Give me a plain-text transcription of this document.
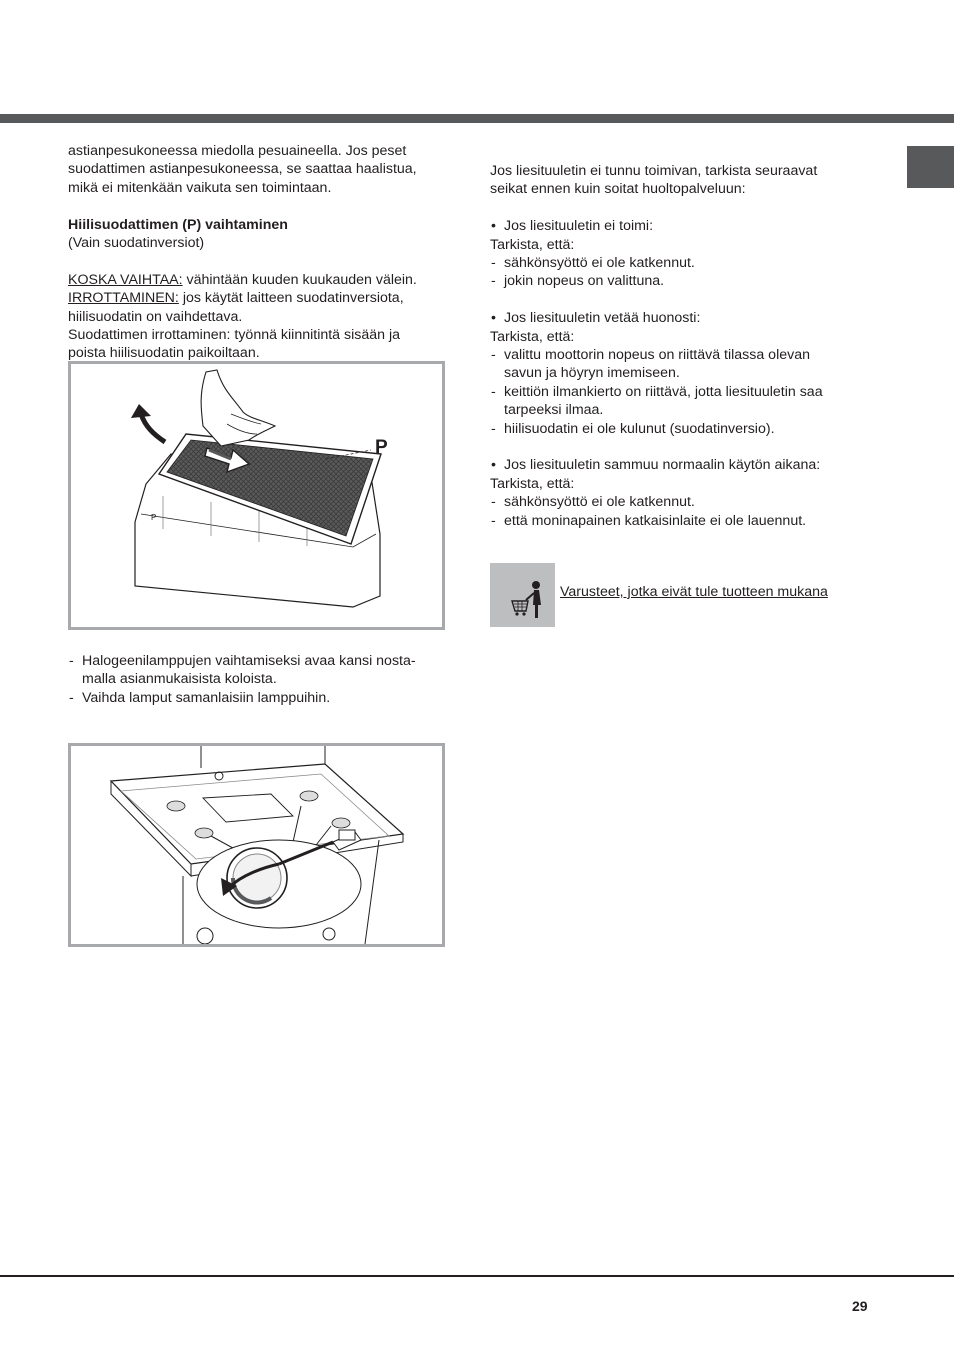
astianpesukoneessa miedolla pesuaineella. Jos peset

suodattimen astianpesukoneessa, se saattaa haalistua,

mikä ei mitenkään vaikuta sen toimintaan.

Hiilisuodattimen (P) vaihtaminen

(Vain suodatinversiot)

KOSKA VAIHTAA: vähintään kuuden kuukauden välein.

IRROTTAMINEN: jos käytät laitteen suodatinversiota,

hiilisuodatin on vaihdettava.

Suodattimen irrottaminen: työnnä kiinnitintä sisään ja

poista hiilisuodatin paikoiltaan.

P
P

- Halogeenilamppujen vaihtamiseksi avaa kansi nosta-
malla asianmukaisista koloista.

- Vaihda lamput samanlaisiin lamppuihin.

Jos liesituuletin ei tunnu toimivan, tarkista seuraavat

seikat ennen kuin soitat huoltopalveluun:

• Jos liesituuletin ei toimi:

Tarkista, että:

- sähkönsyöttö ei ole katkennut.

- jokin nopeus on valittuna.

• Jos liesituuletin vetää huonosti:

Tarkista, että:

- valittu moottorin nopeus on riittävä tilassa olevan
savun ja höyryn imemiseen.

- keittiön ilmankierto on riittävä, jotta liesituuletin saa
tarpeeksi ilmaa.

- hiilisuodatin ei ole kulunut (suodatinversio).

• Jos liesituuletin sammuu normaalin käytön aikana:

Tarkista, että:

- sähkönsyöttö ei ole katkennut.

- että moninapainen katkaisinlaite ei ole lauennut.

Varusteet, jotka eivät tule tuotteen mukana
29
